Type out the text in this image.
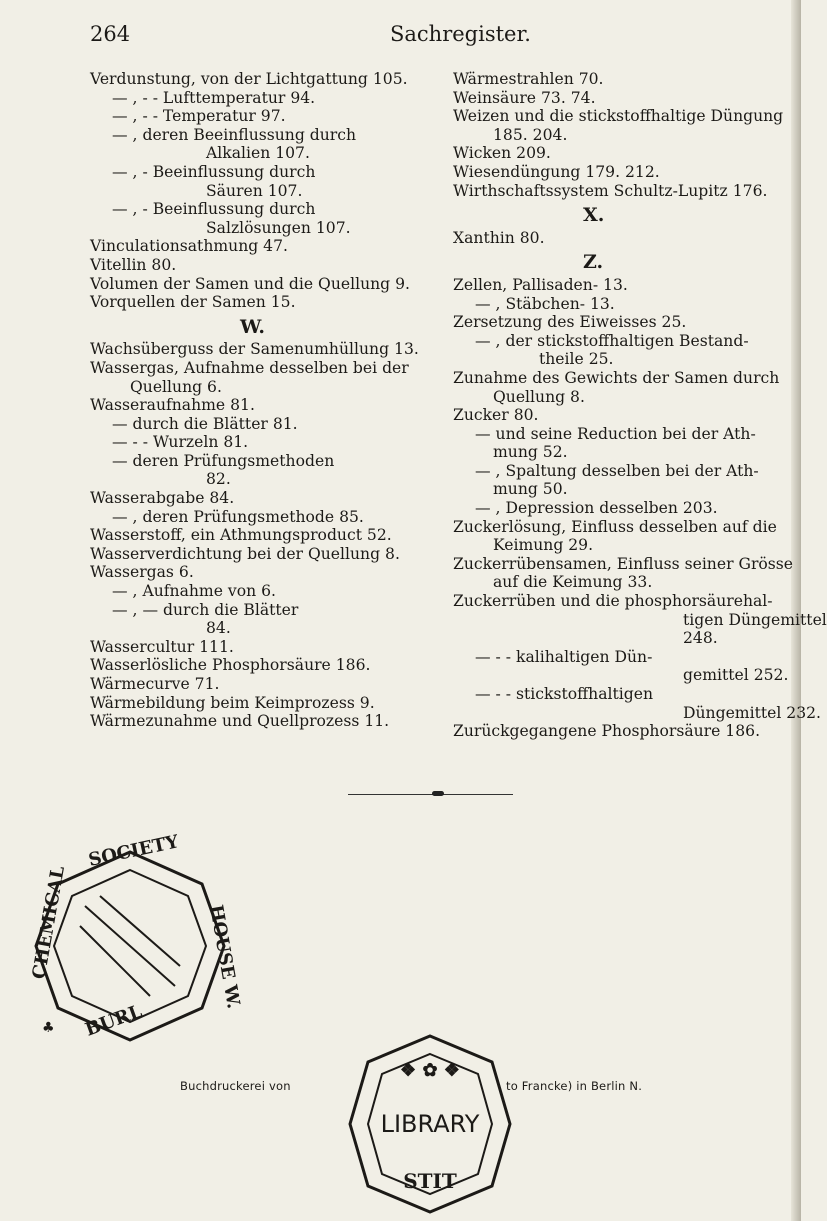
264	Sachregister.
Verdunstung, von der Lichtgattung 105.
— , - - Lufttemperatur 94.
— , - - Temperatur 97.
— , deren Beeinflussung durch
Alkalien 107.
— , - Beeinflussung durch
Säuren 107.
— , - Beeinflussung durch
Salzlösungen 107.
Vinculationsathmung 47.
Vitellin 80.
Volumen der Samen und die Quellung 9.
Vorquellen der Samen 15.
W.
Wachsüberguss der Samenumhüllung 13.
Wassergas, Aufnahme desselben bei der
Quellung 6.
Wasseraufnahme 81.
— durch die Blätter 81.
— - - Wurzeln 81.
— deren Prüfungsmethoden
82.
Wasserabgabe 84.
— , deren Prüfungsmethode 85.
Wasserstoff, ein Athmungsproduct 52.
Wasserverdichtung bei der Quellung 8.
Wassergas 6.
— , Aufnahme von 6.
— , — durch die Blätter
84.
Wassercultur 111.
Wasserlösliche Phosphorsäure 186.
Wärmecurve 71.
Wärmebildung beim Keimprozess 9.
Wärmezunahme und Quellprozess 11.
Wärmestrahlen 70.
Weinsäure 73. 74.
Weizen und die stickstoffhaltige Düngung
185. 204.
Wicken 209.
Wiesendüngung 179. 212.
Wirthschaftssystem Schultz-Lupitz 176.
X.
Xanthin 80.
Z.
Zellen, Pallisaden- 13.
— , Stäbchen- 13.
Zersetzung des Eiweisses 25.
— , der stickstoffhaltigen Bestand-
theile 25.
Zunahme des Gewichts der Samen durch
Quellung 8.
Zucker 80.
— und seine Reduction bei der Ath-
mung 52.
— , Spaltung desselben bei der Ath-
mung 50.
— , Depression desselben 203.
Zuckerlösung, Einfluss desselben auf die
Keimung 29.
Zuckerrübensamen, Einfluss seiner Grösse
auf die Keimung 33.
Zuckerrüben und die phosphorsäurehal-
tigen Düngemittel
248.
— - - kalihaltigen Dün-
gemittel 252.
— - - stickstoffhaltigen
Düngemittel 232.
Zurückgegangene Phosphorsäure 186.
SOCIETY
CHEMICAL	HOUSE W.
BURL
♣
LIBRARY
❖ ✿ ❖
STIT
Buchdruckerei von	to Francke) in Berlin N.
